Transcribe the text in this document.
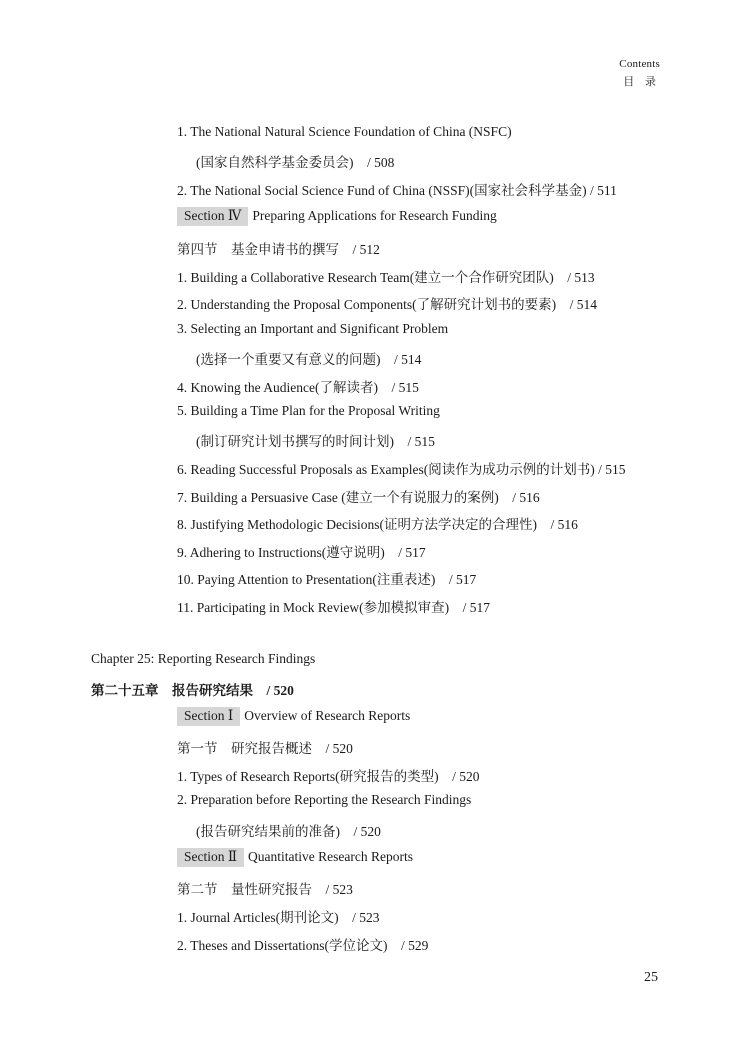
Contents
目 录
1. The National Natural Science Foundation of China (NSFC)
(国家自然科学基金委员会)　/ 508
2. The National Social Science Fund of China (NSSF)(国家社会科学基金) / 511
Section Ⅳ Preparing Applications for Research Funding
第四节　基金申请书的撰写　/ 512
1. Building a Collaborative Research Team(建立一个合作研究团队)　/ 513
2. Understanding the Proposal Components(了解研究计划书的要素)　/ 514
3. Selecting an Important and Significant Problem
(选择一个重要又有意义的问题)　/ 514
4. Knowing the Audience(了解读者)　/ 515
5. Building a Time Plan for the Proposal Writing
(制订研究计划书撰写的时间计划)　/ 515
6. Reading Successful Proposals as Examples(阅读作为成功示例的计划书) / 515
7. Building a Persuasive Case (建立一个有说服力的案例)　/ 516
8. Justifying Methodologic Decisions(证明方法学决定的合理性)　/ 516
9. Adhering to Instructions(遵守说明)　/ 517
10. Paying Attention to Presentation(注重表述)　/ 517
11. Participating in Mock Review(参加模拟审查)　/ 517
Chapter 25: Reporting Research Findings
第二十五章　报告研究结果　/ 520
Section Ⅰ Overview of Research Reports
第一节　研究报告概述　/ 520
1. Types of Research Reports(研究报告的类型)　/ 520
2. Preparation before Reporting the Research Findings
(报告研究结果前的准备)　/ 520
Section Ⅱ Quantitative Research Reports
第二节　量性研究报告　/ 523
1. Journal Articles(期刊论文)　/ 523
2. Theses and Dissertations(学位论文)　/ 529
25
